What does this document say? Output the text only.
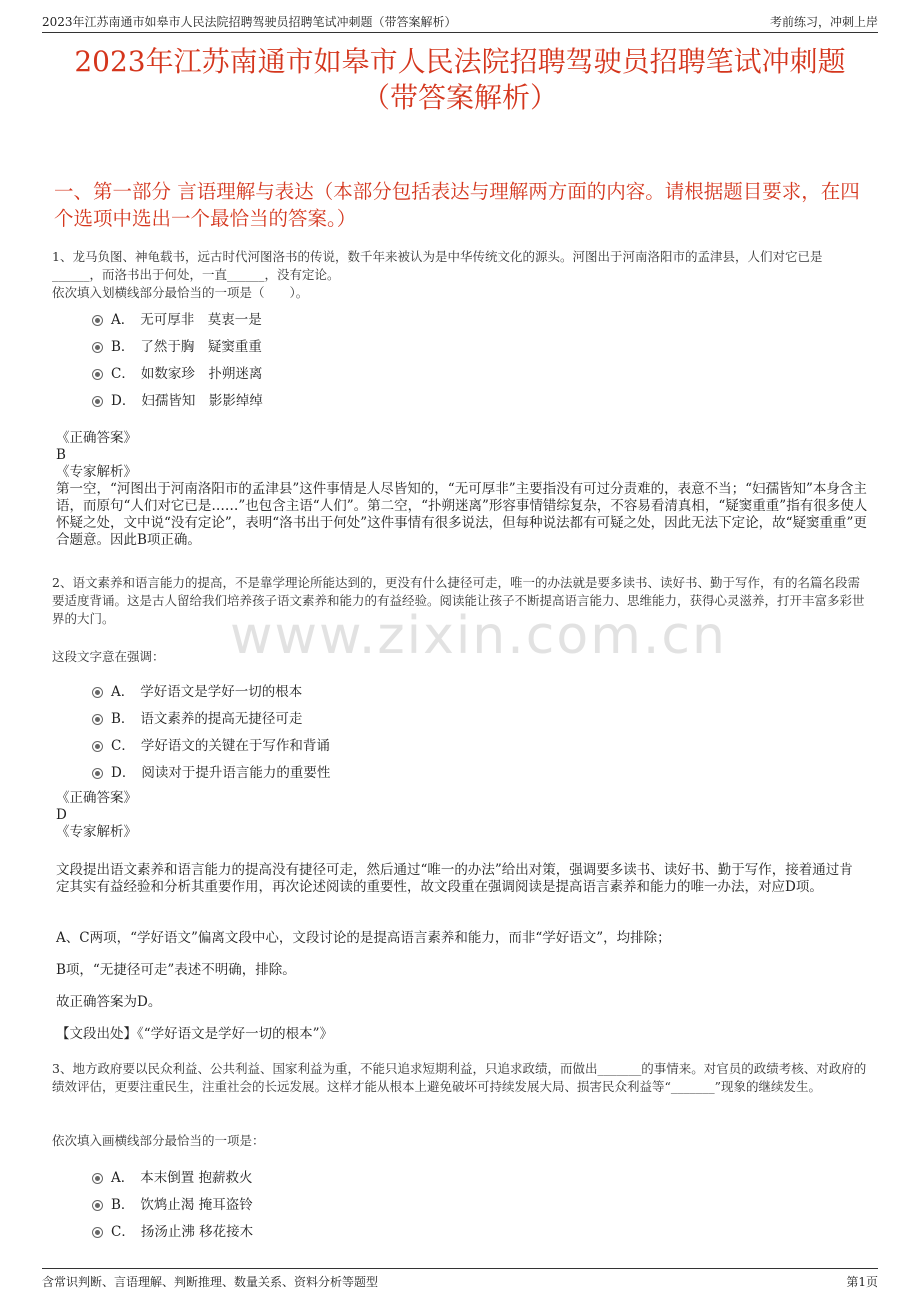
2023年江苏南通市如皋市人民法院招聘驾驶员招聘笔试冲刺题（带答案解析）	考前练习，冲刺上岸
2023年江苏南通市如皋市人民法院招聘驾驶员招聘笔试冲刺题
（带答案解析）
一、第一部分 言语理解与表达（本部分包括表达与理解两方面的内容。请根据题目要求，在四个选项中选出一个最恰当的答案。）
www.zixin.com.cn
1、龙马负图、神龟载书，远古时代河图洛书的传说，数千年来被认为是中华传统文化的源头。河图出于河南洛阳市的孟津县，人们对它已是
______，而洛书出于何处，一直______，没有定论。
依次填入划横线部分最恰当的一项是（　　）。
A． 无可厚非　莫衷一是
B． 了然于胸　疑窦重重
C． 如数家珍　扑朔迷离
D． 妇孺皆知　影影绰绰
《正确答案》
B
《专家解析》
第一空，“河图出于河南洛阳市的孟津县”这件事情是人尽皆知的，“无可厚非”主要指没有可过分责难的，表意不当；“妇孺皆知”本身含主语，而原句“人们对它已是……”也包含主语“人们”。第二空，“扑朔迷离”形容事情错综复杂，不容易看清真相，“疑窦重重”指有很多使人怀疑之处，文中说“没有定论”，表明“洛书出于何处”这件事情有很多说法，但每种说法都有可疑之处，因此无法下定论，故“疑窦重重”更合题意。因此B项正确。
2、语文素养和语言能力的提高，不是靠学理论所能达到的，更没有什么捷径可走，唯一的办法就是要多读书、读好书、勤于写作，有的名篇名段需要适度背诵。这是古人留给我们培养孩子语文素养和能力的有益经验。阅读能让孩子不断提高语言能力、思维能力，获得心灵滋养，打开丰富多彩世界的大门。
这段文字意在强调：
A． 学好语文是学好一切的根本
B． 语文素养的提高无捷径可走
C． 学好语文的关键在于写作和背诵
D． 阅读对于提升语言能力的重要性
《正确答案》
D
《专家解析》
文段提出语文素养和语言能力的提高没有捷径可走，然后通过“唯一的办法”给出对策，强调要多读书、读好书、勤于写作，接着通过肯定其实有益经验和分析其重要作用，再次论述阅读的重要性，故文段重在强调阅读是提高语言素养和能力的唯一办法，对应D项。
A、C两项，“学好语文”偏离文段中心，文段讨论的是提高语言素养和能力，而非“学好语文”，均排除；
B项，“无捷径可走”表述不明确，排除。
故正确答案为D。
【文段出处】《“学好语文是学好一切的根本”》
3、地方政府要以民众利益、公共利益、国家利益为重，不能只追求短期利益，只追求政绩，而做出_______的事情来。对官员的政绩考核、对政府的绩效评估，更要注重民生，注重社会的长远发展。这样才能从根本上避免破坏可持续发展大局、损害民众利益等“_______”现象的继续发生。
依次填入画横线部分最恰当的一项是：
A． 本末倒置 抱薪救火
B． 饮鸩止渴 掩耳盗铃
C． 扬汤止沸 移花接木
含常识判断、言语理解、判断推理、数量关系、资料分析等题型	第1页
